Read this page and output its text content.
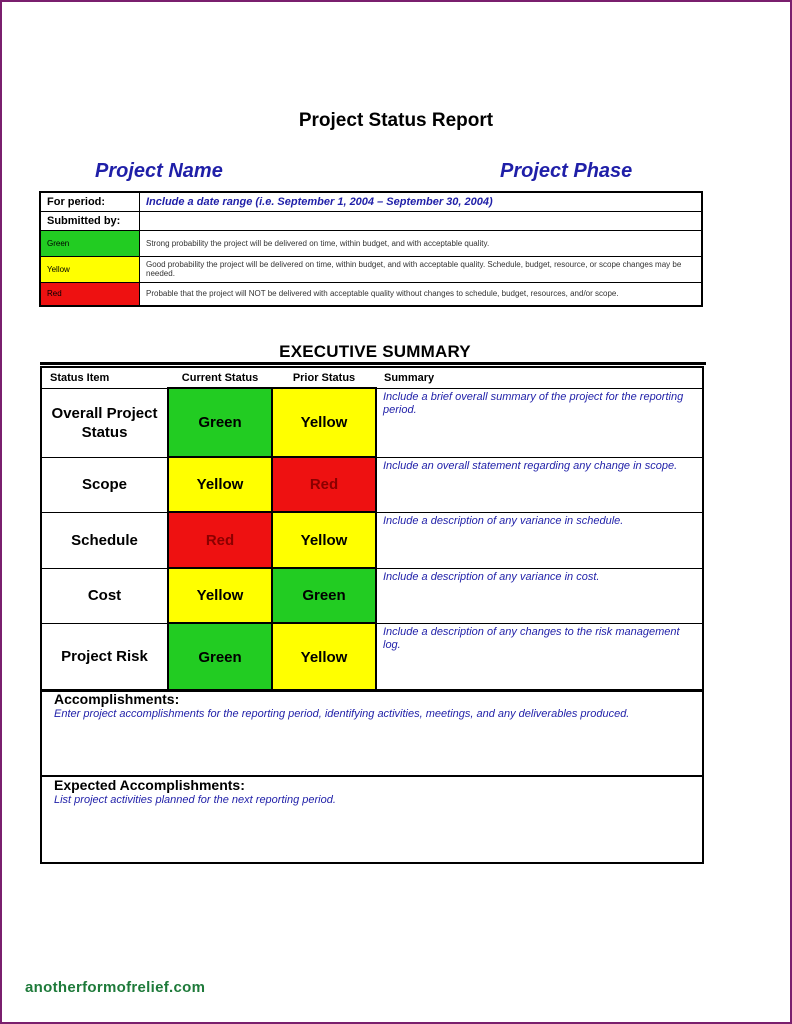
Project Status Report
Project Name	Project Phase
For period:	Include a date range (i.e. September 1, 2004 – September 30, 2004)
Submitted by:	
Green	Strong probability the project will be delivered on time, within budget, and with acceptable quality.
Yellow	Good probability the project will be delivered on time, within budget, and with acceptable quality. Schedule, budget, resource, or scope changes may be needed.
Red	Probable that the project will NOT be delivered with acceptable quality without changes to schedule, budget, resources, and/or scope.
EXECUTIVE SUMMARY
Status Item	Current Status	Prior Status	Summary
Overall Project Status	Green	Yellow	Include a brief overall summary of the project for the reporting period.
Scope	Yellow	Red	Include an overall statement regarding any change in scope.
Schedule	Red	Yellow	Include a description of any variance in schedule.
Cost	Yellow	Green	Include a description of any variance in cost.
Project Risk	Green	Yellow	Include a description of any changes to the risk management log.
Accomplishments:
Enter project accomplishments for the reporting period, identifying activities, meetings, and any deliverables produced.
Expected Accomplishments:
List project activities planned for the next reporting period.
anotherformofrelief.com
